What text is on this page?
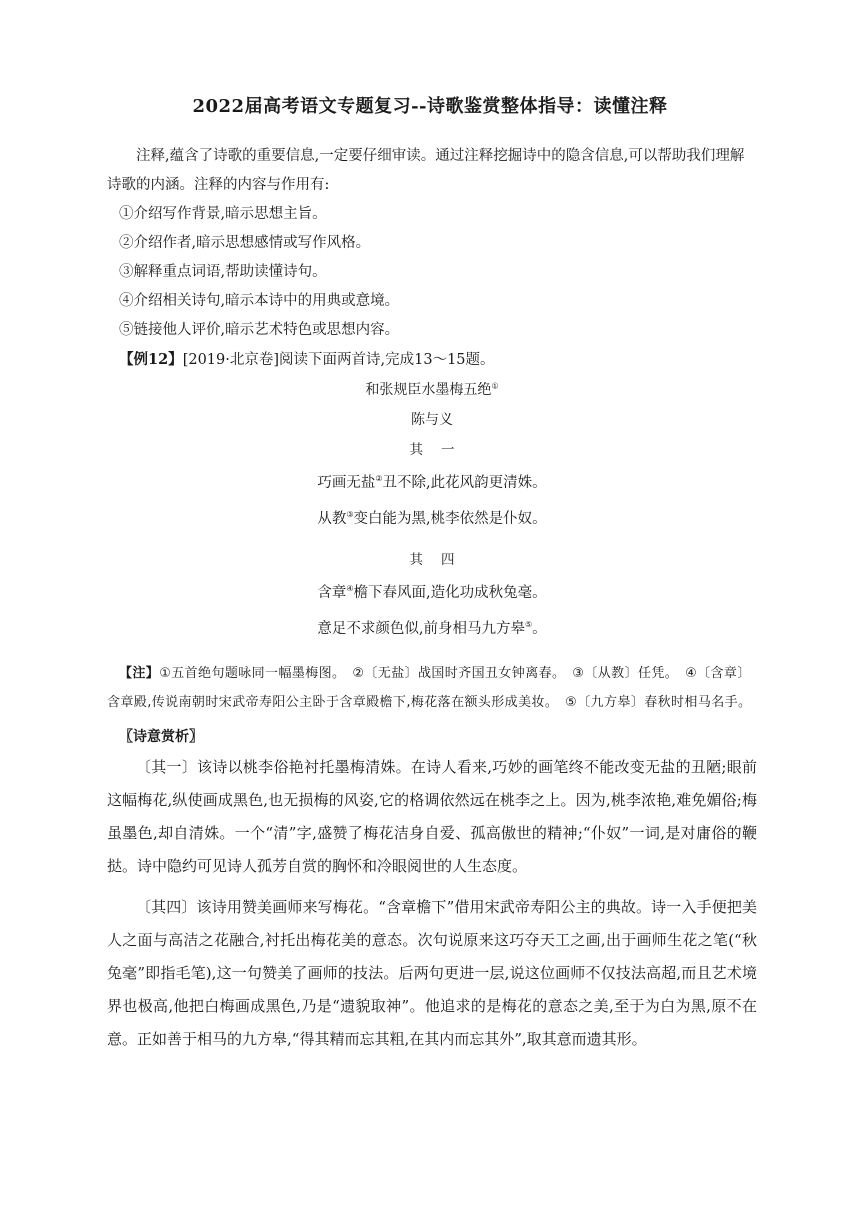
2022届高考语文专题复习--诗歌鉴赏整体指导：读懂注释

注释,蕴含了诗歌的重要信息,一定要仔细审读。通过注释挖掘诗中的隐含信息,可以帮助我们理解诗歌的内涵。注释的内容与作用有:

①介绍写作背景,暗示思想主旨。

②介绍作者,暗示思想感情或写作风格。

③解释重点词语,帮助读懂诗句。

④介绍相关诗句,暗示本诗中的用典或意境。

⑤链接他人评价,暗示艺术特色或思想内容。

【例12】[2019·北京卷]阅读下面两首诗,完成13～15题。

和张规臣水墨梅五绝①

陈与义

其一

巧画无盐②丑不除,此花风韵更清姝。

从教③变白能为黑,桃李依然是仆奴。

其四

含章④檐下春风面,造化功成秋兔毫。

意足不求颜色似,前身相马九方皋⑤。

【注】①五首绝句题咏同一幅墨梅图。　②〔无盐〕战国时齐国丑女钟离春。　③〔从教〕任凭。　④〔含章〕含章殿,传说南朝时宋武帝寿阳公主卧于含章殿檐下,梅花落在额头形成美妆。　⑤〔九方皋〕春秋时相马名手。

〖诗意赏析〗

〔其一〕该诗以桃李俗艳衬托墨梅清姝。在诗人看来,巧妙的画笔终不能改变无盐的丑陋;眼前这幅梅花,纵使画成黑色,也无损梅的风姿,它的格调依然远在桃李之上。因为,桃李浓艳,难免媚俗;梅虽墨色,却自清姝。一个“清”字,盛赞了梅花洁身自爱、孤高傲世的精神;“仆奴”一词,是对庸俗的鞭挞。诗中隐约可见诗人孤芳自赏的胸怀和冷眼阅世的人生态度。

〔其四〕该诗用赞美画师来写梅花。“含章檐下”借用宋武帝寿阳公主的典故。诗一入手便把美人之面与高洁之花融合,衬托出梅花美的意态。次句说原来这巧夺天工之画,出于画师生花之笔(“秋兔毫”即指毛笔),这一句赞美了画师的技法。后两句更进一层,说这位画师不仅技法高超,而且艺术境界也极高,他把白梅画成黑色,乃是“遗貌取神”。他追求的是梅花的意态之美,至于为白为黑,原不在意。正如善于相马的九方皋,“得其精而忘其粗,在其内而忘其外”,取其意而遗其形。
